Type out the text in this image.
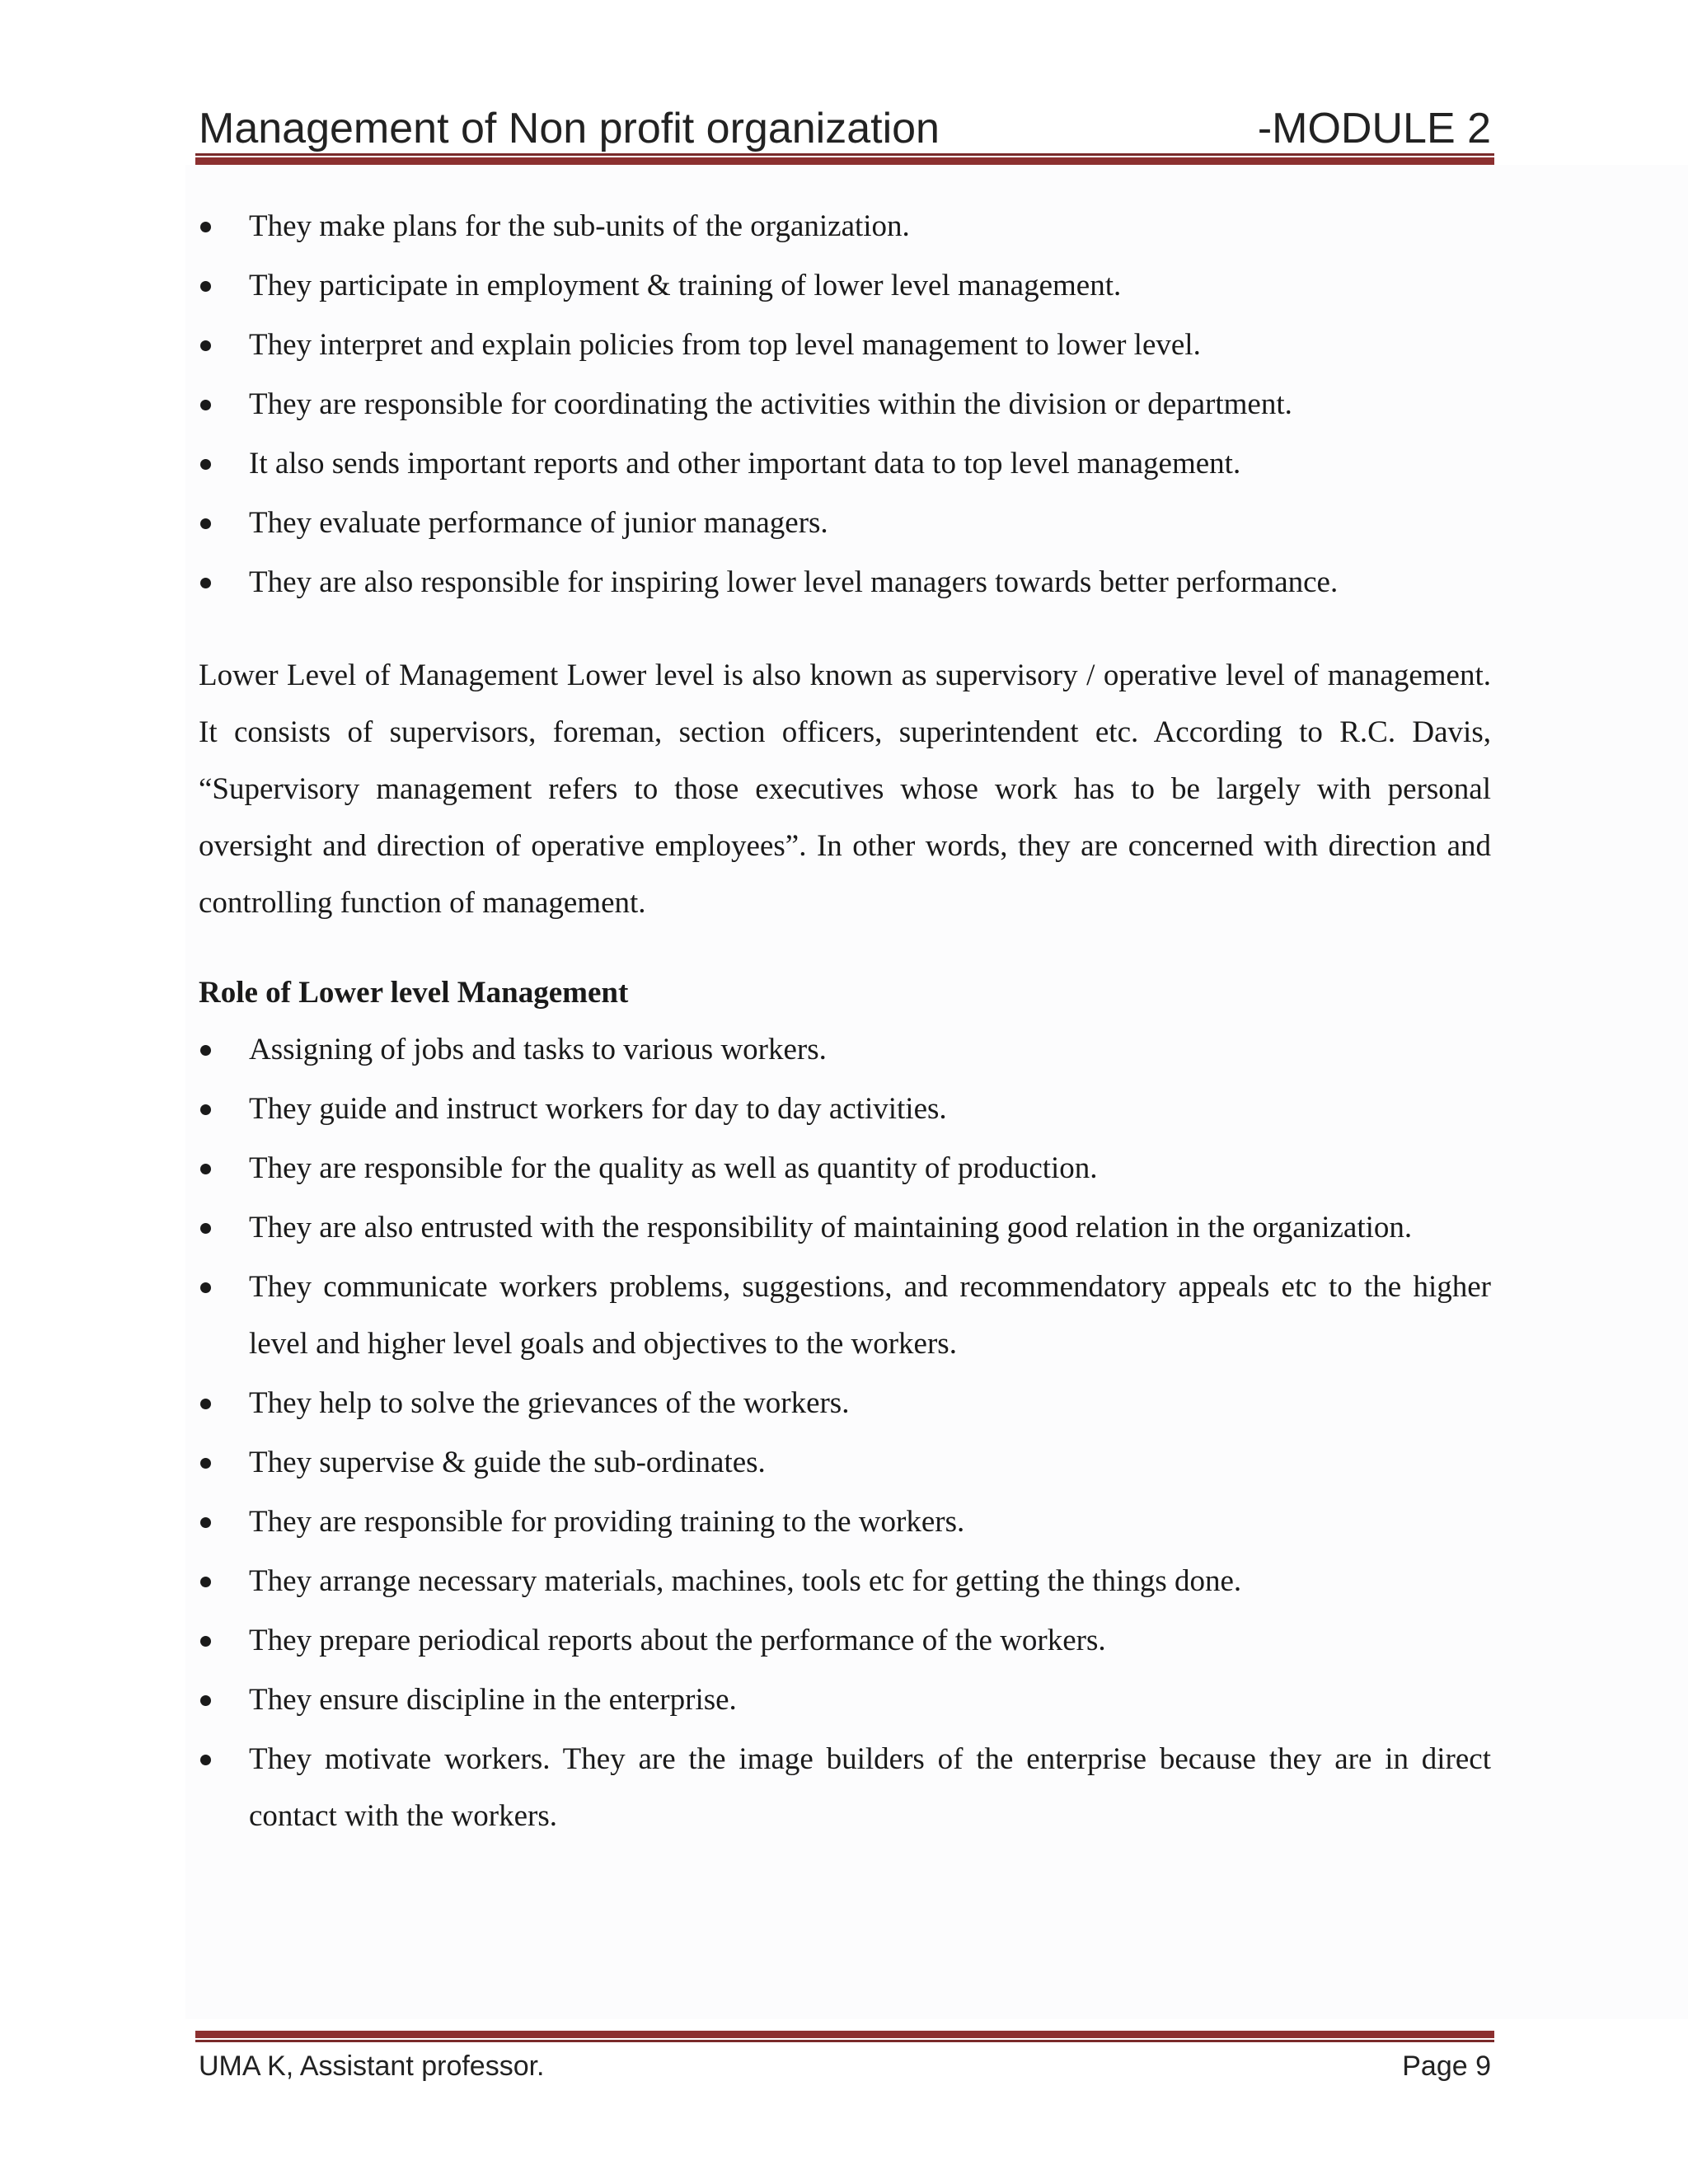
Management of Non profit organization	-MODULE 2
They make plans for the sub-units of the organization.
They participate in employment & training of lower level management.
They interpret and explain policies from top level management to lower level.
They are responsible for coordinating the activities within the division or department.
It also sends important reports and other important data to top level management.
They evaluate performance of junior managers.
They are also responsible for inspiring lower level managers towards better performance.

Lower Level of Management Lower level is also known as supervisory / operative level of management. It consists of supervisors, foreman, section officers, superintendent etc. According to R.C. Davis, “Supervisory management refers to those executives whose work has to be largely with personal oversight and direction of operative employees”. In other words, they are concerned with direction and controlling function of management.

Role of Lower level Management

Assigning of jobs and tasks to various workers.
They guide and instruct workers for day to day activities.
They are responsible for the quality as well as quantity of production.
They are also entrusted with the responsibility of maintaining good relation in the organization.
They communicate workers problems, suggestions, and recommendatory appeals etc to the higher level and higher level goals and objectives to the workers.
They help to solve the grievances of the workers.
They supervise & guide the sub-ordinates.
They are responsible for providing training to the workers.
They arrange necessary materials, machines, tools etc for getting the things done.
They prepare periodical reports about the performance of the workers.
They ensure discipline in the enterprise.
They motivate workers. They are the image builders of the enterprise because they are in direct contact with the workers.
UMA K, Assistant professor.	Page 9
